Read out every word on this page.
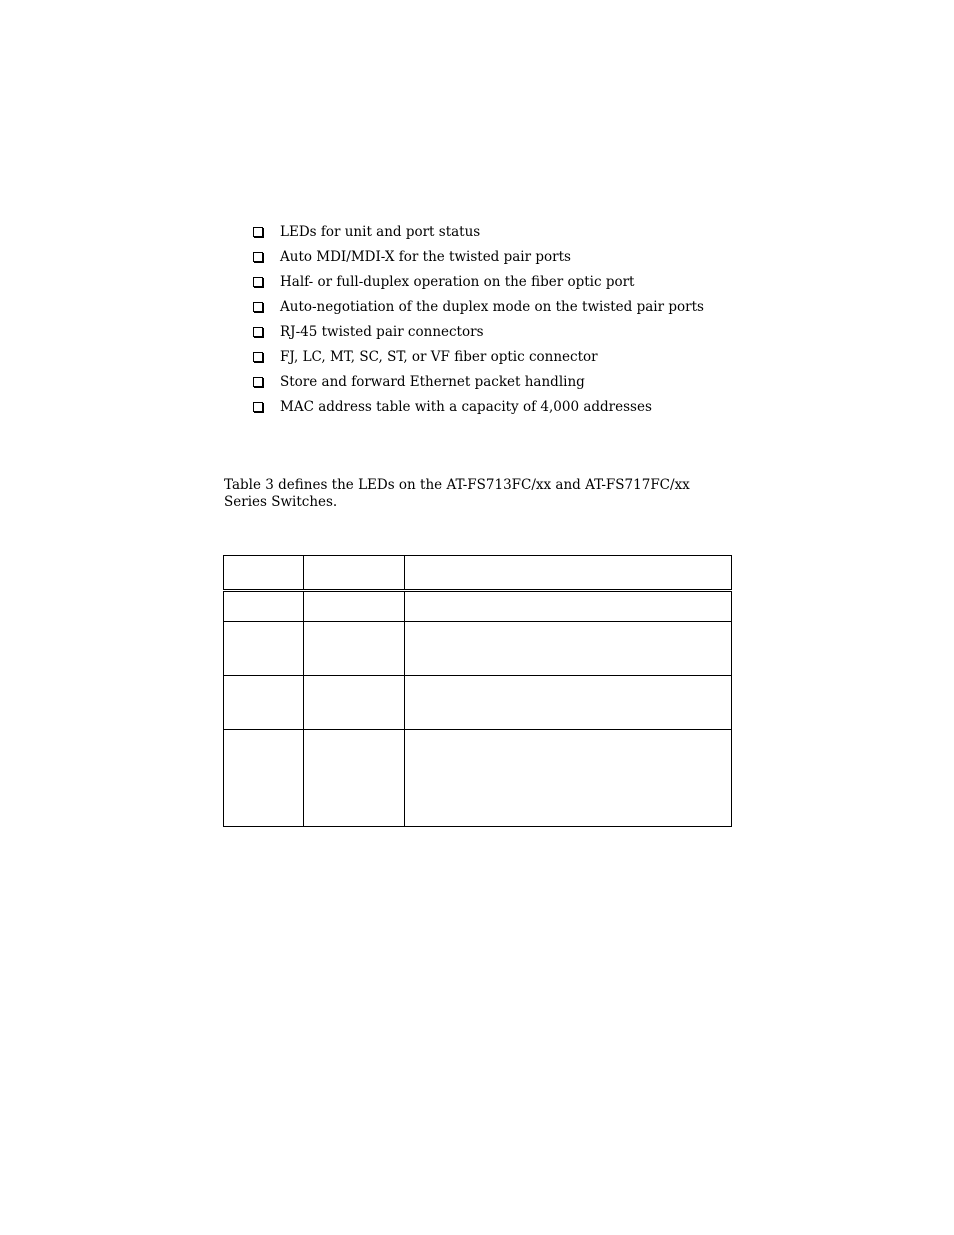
LEDs for unit and port status
Auto MDI/MDI-X for the twisted pair ports
Half- or full-duplex operation on the fiber optic port
Auto-negotiation of the duplex mode on the twisted pair ports
RJ-45 twisted pair connectors
FJ, LC, MT, SC, ST, or VF fiber optic connector
Store and forward Ethernet packet handling
MAC address table with a capacity of 4,000 addresses

Table 3 defines the LEDs on the AT-FS713FC/xx and AT-FS717FC/xx Series Switches.
